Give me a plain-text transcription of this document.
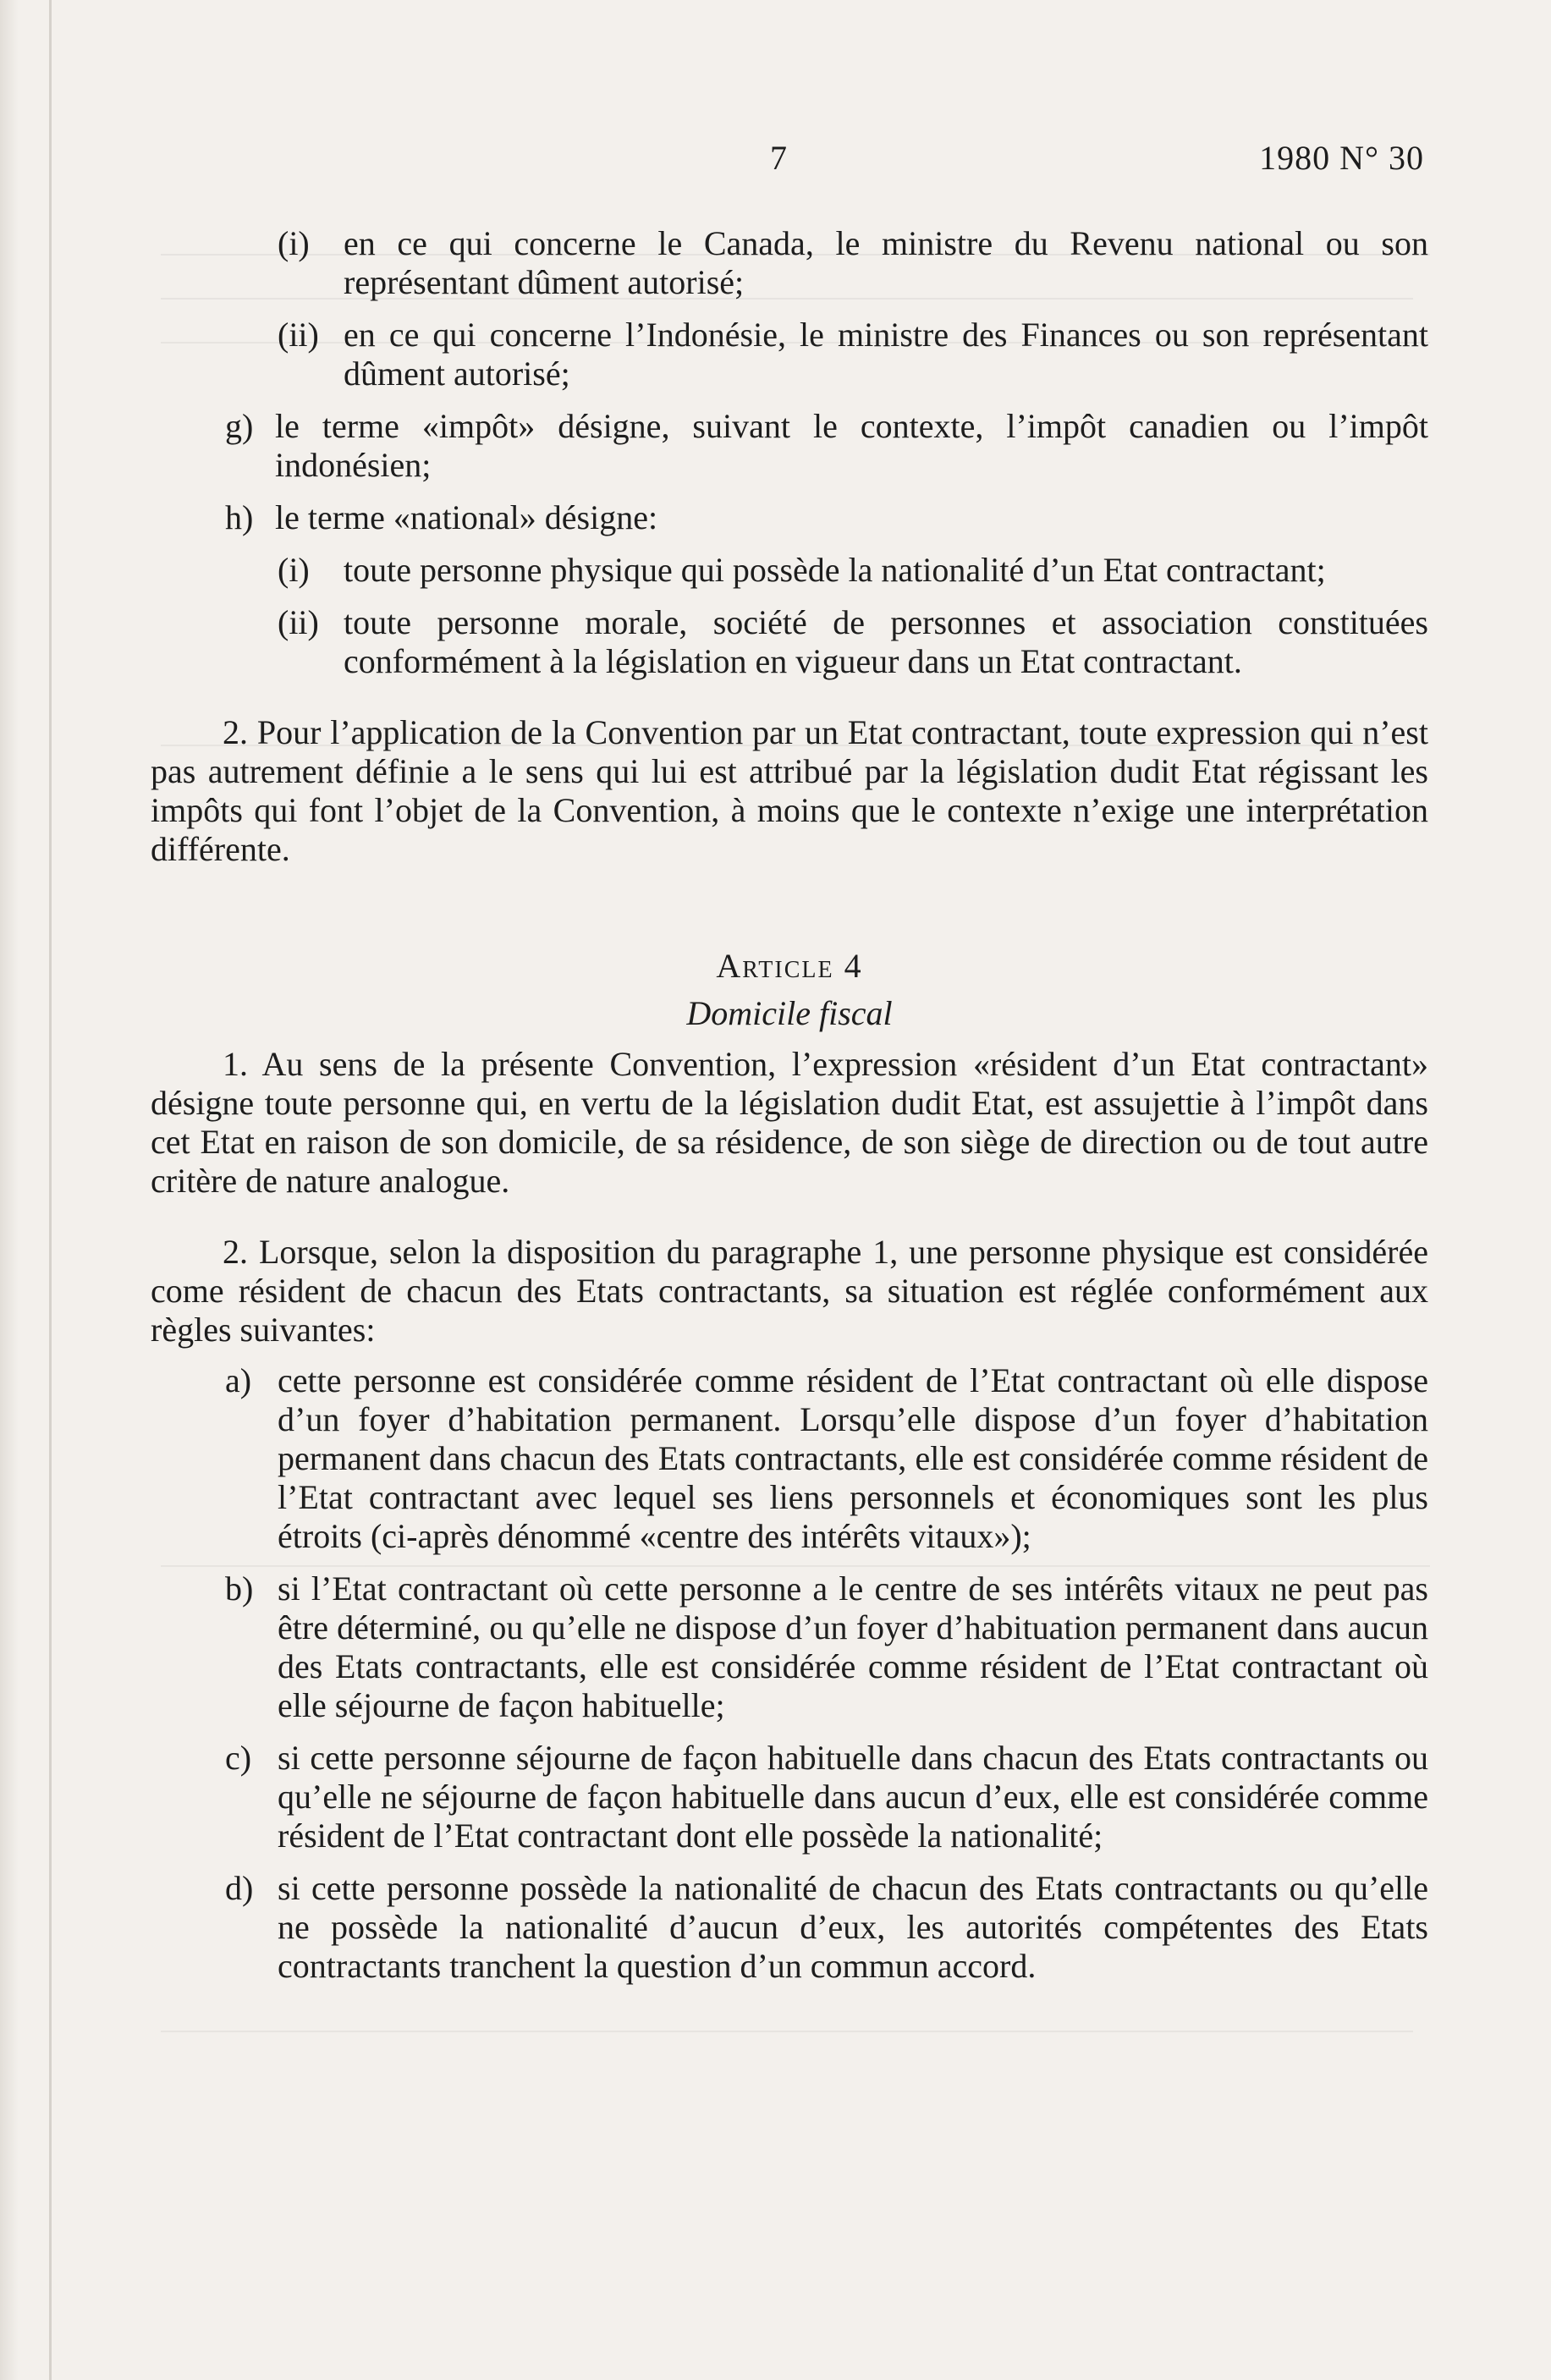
7	1980 N° 30
(i) en ce qui concerne le Canada, le ministre du Revenu national ou son représentant dûment autorisé;
(ii) en ce qui concerne l’Indonésie, le ministre des Finances ou son représentant dûment autorisé;
g) le terme «impôt» désigne, suivant le contexte, l’impôt canadien ou l’impôt indonésien;
h) le terme «national» désigne:
(i) toute personne physique qui possède la nationalité d’un Etat contractant;
(ii) toute personne morale, société de personnes et association constituées conformément à la législation en vigueur dans un Etat contractant.

2. Pour l’application de la Convention par un Etat contractant, toute expression qui n’est pas autrement définie a le sens qui lui est attribué par la législation dudit Etat régissant les impôts qui font l’objet de la Convention, à moins que le contexte n’exige une interprétation différente.

Article 4
Domicile fiscal

1. Au sens de la présente Convention, l’expression «résident d’un Etat contractant» désigne toute personne qui, en vertu de la législation dudit Etat, est assujettie à l’impôt dans cet Etat en raison de son domicile, de sa résidence, de son siège de direction ou de tout autre critère de nature analogue.

2. Lorsque, selon la disposition du paragraphe 1, une personne physique est considérée come résident de chacun des Etats contractants, sa situation est réglée conformément aux règles suivantes:

a) cette personne est considérée comme résident de l’Etat contractant où elle dispose d’un foyer d’habitation permanent. Lorsqu’elle dispose d’un foyer d’habitation permanent dans chacun des Etats contractants, elle est considérée comme résident de l’Etat contractant avec lequel ses liens personnels et économiques sont les plus étroits (ci-après dénommé «centre des intérêts vitaux»);
b) si l’Etat contractant où cette personne a le centre de ses intérêts vitaux ne peut pas être déterminé, ou qu’elle ne dispose d’un foyer d’habituation permanent dans aucun des Etats contractants, elle est considérée comme résident de l’Etat contractant où elle séjourne de façon habituelle;
c) si cette personne séjourne de façon habituelle dans chacun des Etats contractants ou qu’elle ne séjourne de façon habituelle dans aucun d’eux, elle est considérée comme résident de l’Etat contractant dont elle possède la nationalité;
d) si cette personne possède la nationalité de chacun des Etats contractants ou qu’elle ne possède la nationalité d’aucun d’eux, les autorités compétentes des Etats contractants tranchent la question d’un commun accord.
